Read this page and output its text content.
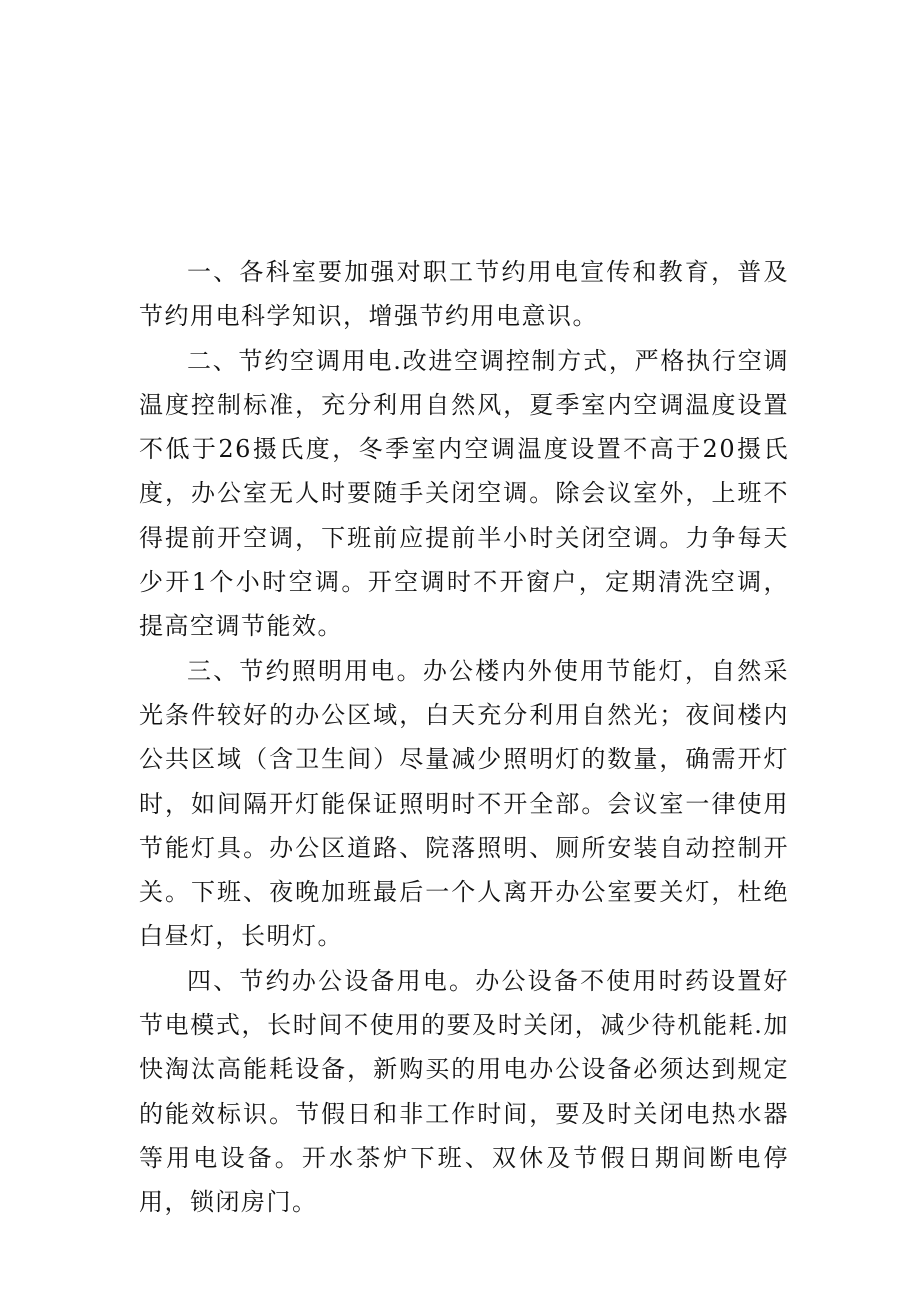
一、各科室要加强对职工节约用电宣传和教育，普及节约用电科学知识，增强节约用电意识。

二、节约空调用电.改进空调控制方式，严格执行空调温度控制标准，充分利用自然风，夏季室内空调温度设置不低于26摄氏度，冬季室内空调温度设置不高于20摄氏度，办公室无人时要随手关闭空调。除会议室外，上班不得提前开空调，下班前应提前半小时关闭空调。力争每天少开1个小时空调。开空调时不开窗户，定期清洗空调，提高空调节能效。

三、节约照明用电。办公楼内外使用节能灯，自然采光条件较好的办公区域，白天充分利用自然光；夜间楼内公共区域（含卫生间）尽量减少照明灯的数量，确需开灯时，如间隔开灯能保证照明时不开全部。会议室一律使用节能灯具。办公区道路、院落照明、厕所安装自动控制开关。下班、夜晚加班最后一个人离开办公室要关灯，杜绝白昼灯，长明灯。

四、节约办公设备用电。办公设备不使用时药设置好节电模式，长时间不使用的要及时关闭，减少待机能耗.加快淘汰高能耗设备，新购买的用电办公设备必须达到规定的能效标识。节假日和非工作时间，要及时关闭电热水器等用电设备。开水茶炉下班、双休及节假日期间断电停用，锁闭房门。
